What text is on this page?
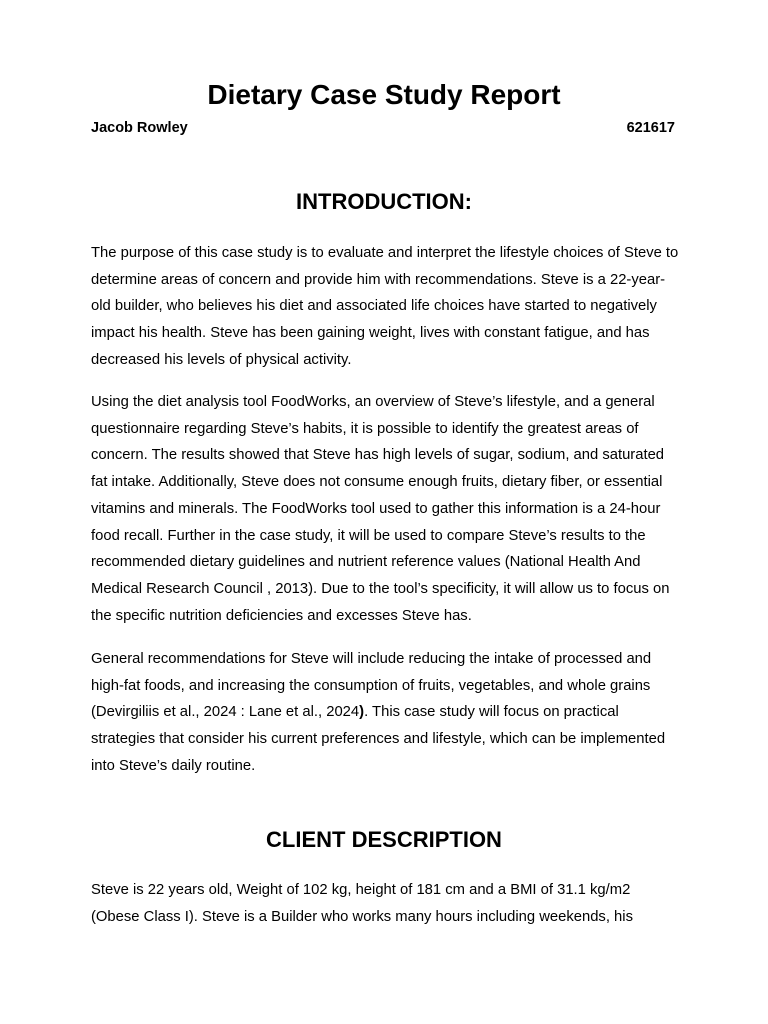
Dietary Case Study Report
Jacob Rowley	621617
INTRODUCTION:

The purpose of this case study is to evaluate and interpret the lifestyle choices of Steve to determine areas of concern and provide him with recommendations. Steve is a 22-year-old builder, who believes his diet and associated life choices have started to negatively impact his health. Steve has been gaining weight, lives with constant fatigue, and has decreased his levels of physical activity.

Using the diet analysis tool FoodWorks, an overview of Steve’s lifestyle, and a general questionnaire regarding Steve’s habits, it is possible to identify the greatest areas of concern. The results showed that Steve has high levels of sugar, sodium, and saturated fat intake. Additionally, Steve does not consume enough fruits, dietary fiber, or essential vitamins and minerals. The FoodWorks tool used to gather this information is a 24-hour food recall. Further in the case study, it will be used to compare Steve’s results to the recommended dietary guidelines and nutrient reference values (National Health And Medical Research Council , 2013). Due to the tool’s specificity, it will allow us to focus on the specific nutrition deficiencies and excesses Steve has.

General recommendations for Steve will include reducing the intake of processed and high-fat foods, and increasing the consumption of fruits, vegetables, and whole grains (Devirgiliis et al., 2024 : Lane et al., 2024). This case study will focus on practical strategies that consider his current preferences and lifestyle, which can be implemented into Steve’s daily routine.

CLIENT DESCRIPTION

Steve is 22 years old, Weight of 102 kg, height of 181 cm and a BMI of 31.1 kg/m2 (Obese Class I). Steve is a Builder who works many hours including weekends, his
